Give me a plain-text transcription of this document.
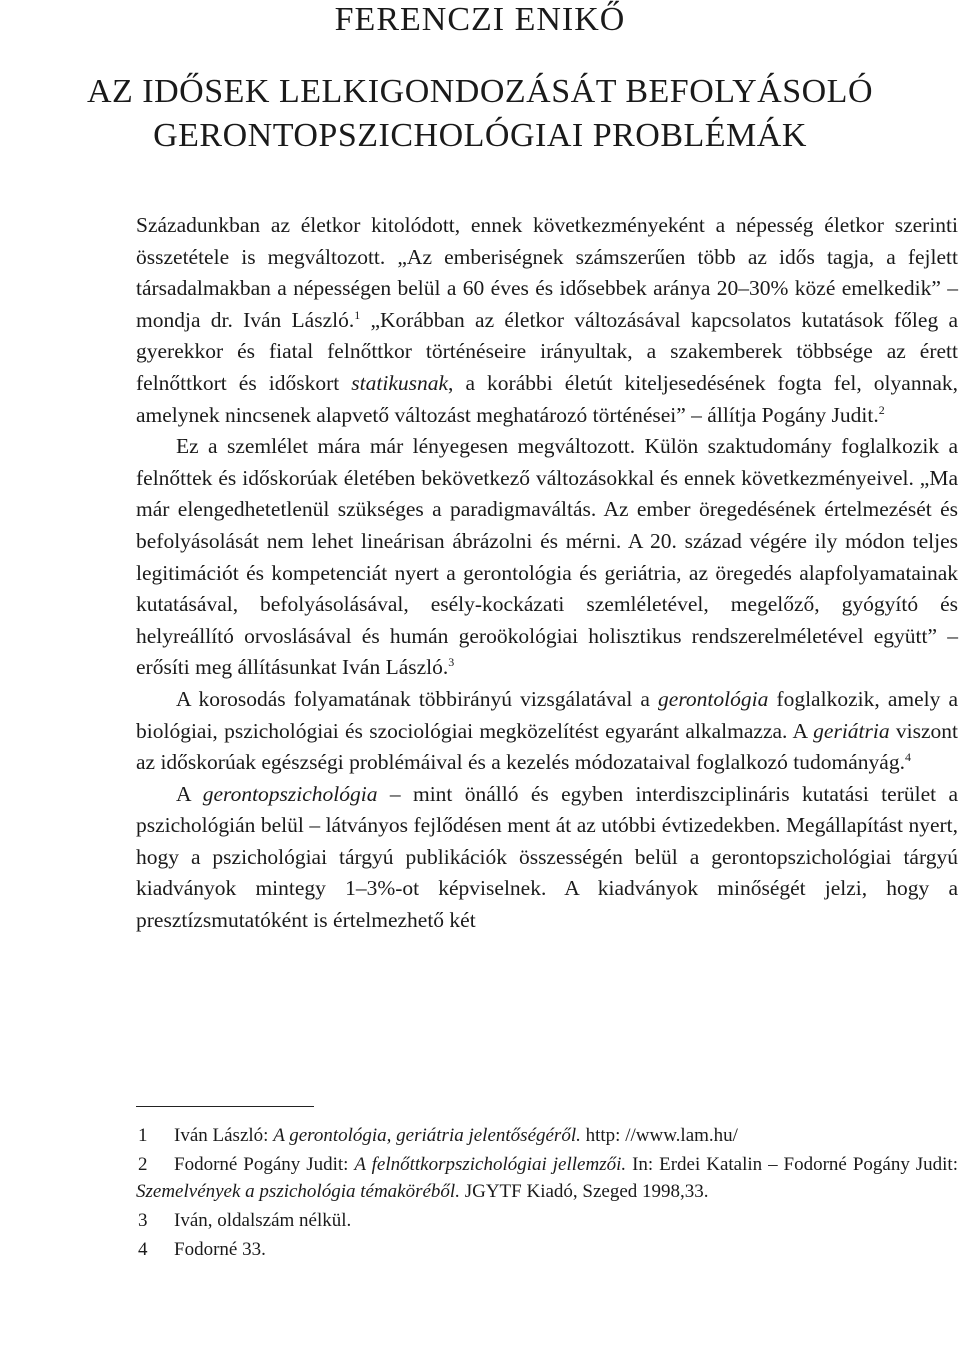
FERENCZI ENIKŐ
AZ IDŐSEK LELKIGONDOZÁSÁT BEFOLYÁSOLÓ
GERONTOPSZICHOLÓGIAI PROBLÉMÁK

Századunkban az életkor kitolódott, ennek következményeként a népesség életkor szerinti összetétele is megváltozott. „Az emberiségnek számszerűen több az idős tagja, a fejlett társadalmakban a népességen belül a 60 éves és idősebbek aránya 20–30% közé emelkedik” – mondja dr. Iván László.$^1$ „Korábban az életkor változásával kapcsolatos kutatások főleg a gyerekkor és fiatal felnőttkor történéseire irányultak, a szakemberek többsége az érett felnőttkort és időskort statikusnak, a korábbi életút kiteljesedésének fogta fel, olyannak, amelynek nincsenek alapvető változást meghatározó történései” – állítja Pogány Judit.$^2$

Ez a szemlélet mára már lényegesen megváltozott. Külön szaktudomány foglalkozik a felnőttek és időskorúak életében bekövetkező változásokkal és ennek következményeivel. „Ma már elengedhetetlenül szükséges a paradigmaváltás. Az ember öregedésének értelmezését és befolyásolását nem lehet lineárisan ábrázolni és mérni. A 20. század végére ily módon teljes legitimációt és kompetenciát nyert a gerontológia és geriátria, az öregedés alapfolyamatainak kutatásával, befolyásolásával, esély-kockázati szemléletével, megelőző, gyógyító és helyreállító orvoslásával és humán geroökológiai holisztikus rendszerelméletével együtt” – erősíti meg állításunkat Iván László.$^3$

A korosodás folyamatának többirányú vizsgálatával a gerontológia foglalkozik, amely a biológiai, pszichológiai és szociológiai megközelítést egyaránt alkalmazza. A geriátria viszont az időskorúak egészségi problémáival és a kezelés módozataival foglalkozó tudományág.$^4$

A gerontopszichológia – mint önálló és egyben interdiszciplináris kutatási terület a pszichológián belül – látványos fejlődésen ment át az utóbbi évtizedekben. Megállapítást nyert, hogy a pszichológiai tárgyú publikációk összességén belül a gerontopszichológiai tárgyú kiadványok mintegy 1–3%-ot képviselnek. A kiadványok minőségét jelzi, hogy a presztízsmutatóként is értelmezhető két

1 Iván László: A gerontológia, geriátria jelentőségéről. http: //www.lam.hu/

2 Fodorné Pogány Judit: A felnőttkorpszichológiai jellemzői. In: Erdei Katalin – Fodorné Pogány Judit: Szemelvények a pszichológia témaköréből. JGYTF Kiadó, Szeged 1998,33.

3 Iván, oldalszám nélkül.

4 Fodorné 33.
